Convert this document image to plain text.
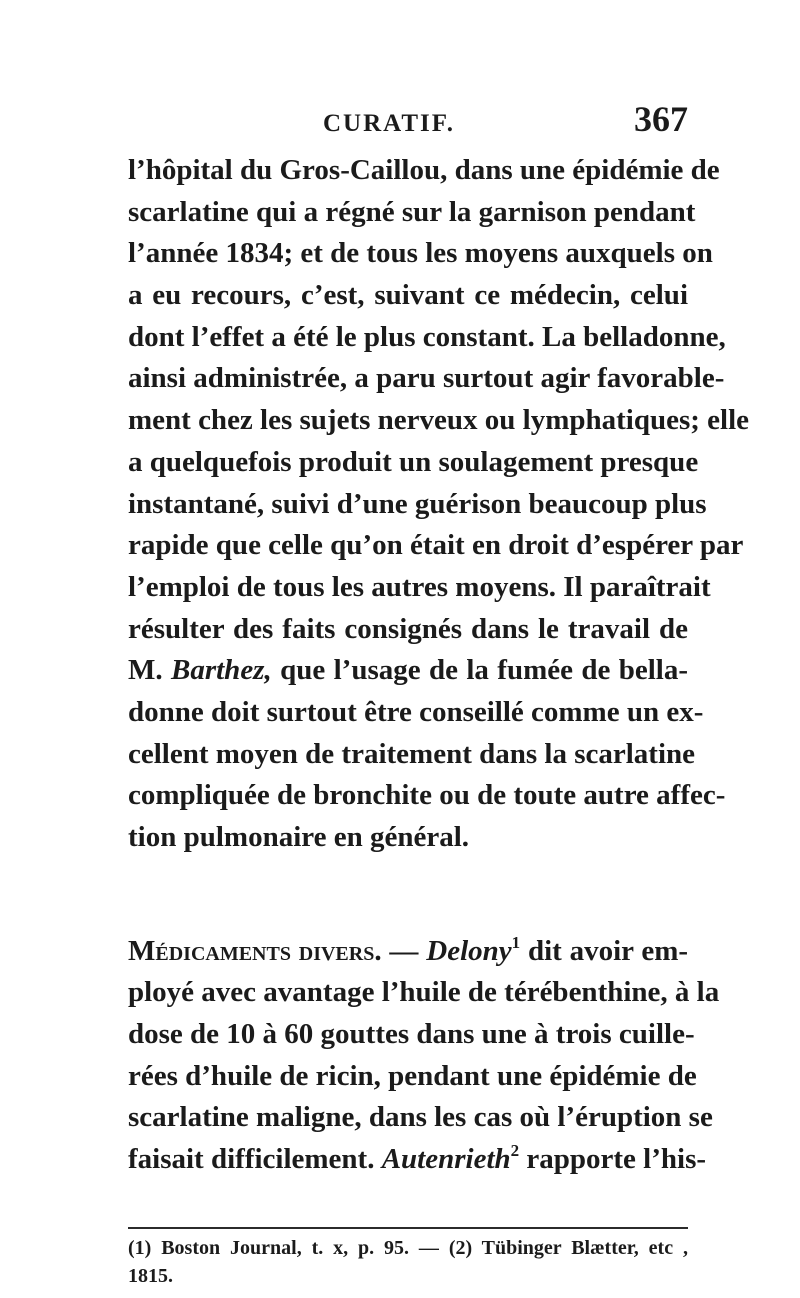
CURATIF.	367
l’hôpital du Gros-Caillou, dans une épidémie de
scarlatine qui a régné sur la garnison pendant
l’année 1834; et de tous les moyens auxquels on
a eu recours, c’est, suivant ce médecin, celui
dont l’effet a été le plus constant. La belladonne,
ainsi administrée, a paru surtout agir favorable-
ment chez les sujets nerveux ou lymphatiques; elle
a quelquefois produit un soulagement presque
instantané, suivi d’une guérison beaucoup plus
rapide que celle qu’on était en droit d’espérer par
l’emploi de tous les autres moyens. Il paraîtrait
résulter des faits consignés dans le travail de
M. Barthez, que l’usage de la fumée de bella-
donne doit surtout être conseillé comme un ex-
cellent moyen de traitement dans la scarlatine
compliquée de bronchite ou de toute autre affec-
tion pulmonaire en général.
Médicaments divers. — Delony$^1$ dit avoir em-
ployé avec avantage l’huile de térébenthine, à la
dose de 10 à 60 gouttes dans une à trois cuille-
rées d’huile de ricin, pendant une épidémie de
scarlatine maligne, dans les cas où l’éruption se
faisait difficilement. Autenrieth$^2$ rapporte l’his-
(1) Boston Journal, t. x, p. 95. — (2) Tübinger Blætter, etc ,
1815.
